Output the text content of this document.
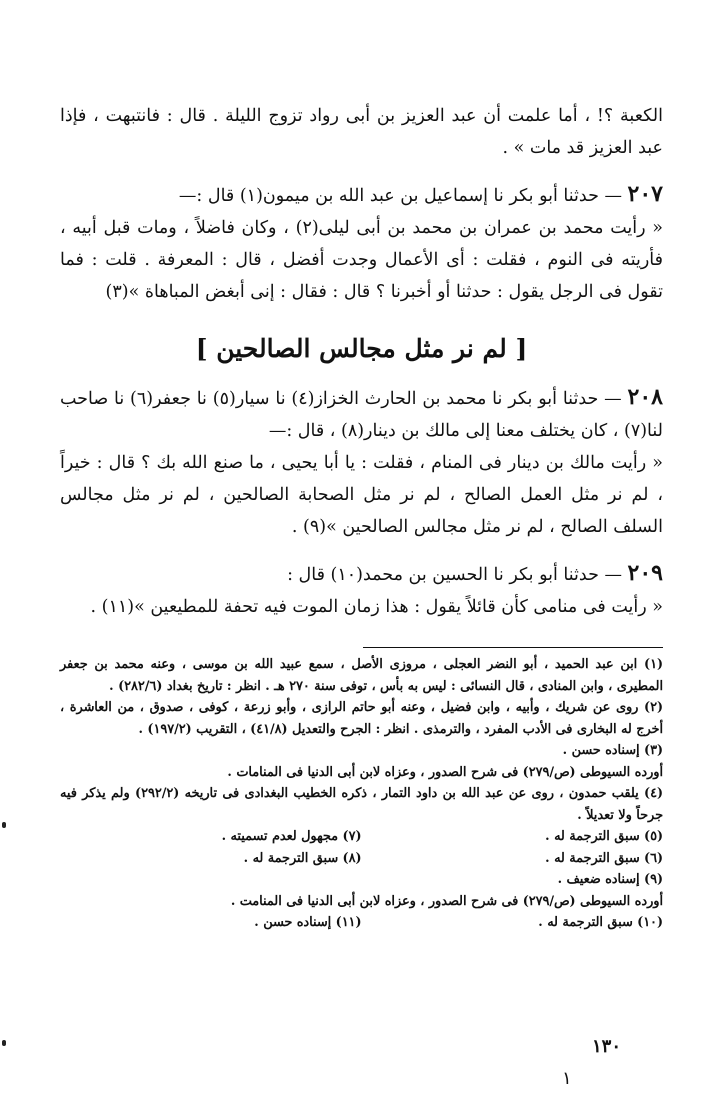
الكعبة ؟! ، أما علمت أن عبد العزيز بن أبى رواد تزوج الليلة . قال : فانتبهت ، فإذا عبد العزيز قد مات » .

٢٠٧ — حدثنا أبو بكر نا إسماعيل بن عبد الله بن ميمون(١) قال :—

« رأيت محمد بن عمران بن محمد بن أبى ليلى(٢) ، وكان فاضلاً ، ومات قبل أبيه ، فأريته فى النوم ، فقلت : أى الأعمال وجدت أفضل ، قال : المعرفة . قلت : فما تقول فى الرجل يقول : حدثنا أو أخبرنا ؟ قال : فقال : إنى أبغض المباهاة »(٣)

[ لم نر مثل مجالس الصالحين ]

٢٠٨ — حدثنا أبو بكر نا محمد بن الحارث الخزاز(٤) نا سيار(٥) نا جعفر(٦) نا صاحب لنا(٧) ، كان يختلف معنا إلى مالك بن دينار(٨) ، قال :—

« رأيت مالك بن دينار فى المنام ، فقلت : يا أبا يحيى ، ما صنع الله بك ؟ قال : خيراً ، لم نر مثل العمل الصالح ، لم نر مثل الصحابة الصالحين ، لم نر مثل مجالس السلف الصالح ، لم نر مثل مجالس الصالحين »(٩) .

٢٠٩ — حدثنا أبو بكر نا الحسين بن محمد(١٠) قال :

« رأيت فى منامى كأن قائلاً يقول : هذا زمان الموت فيه تحفة للمطيعين »(١١) .

(١) ابن عبد الحميد ، أبو النضر العجلى ، مروزى الأصل ، سمع عبيد الله بن موسى ، وعنه محمد بن جعفر المطيرى ، وابن المنادى ، قال النسائى : ليس به بأس ، توفى سنة ٢٧٠ هـ . انظر : تاريخ بغداد (٢٨٢/٦) .

(٢) روى عن شريك ، وأبيه ، وابن فضيل ، وعنه أبو حاتم الرازى ، وأبو زرعة ، كوفى ، صدوق ، من العاشرة ، أخرج له البخارى فى الأدب المفرد ، والترمذى . انظر : الجرح والتعديل (٤١/٨) ، التقريب (١٩٧/٢) .

(٣) إسناده حسن .

أورده السيوطى (ص/٢٧٩) فى شرح الصدور ، وعزاه لابن أبى الدنيا فى المنامات .

(٤) يلقب حمدون ، روى عن عبد الله بن داود التمار ، ذكره الخطيب البغدادى فى تاريخه (٢٩٢/٢) ولم يذكر فيه جرحاً ولا تعديلاً .

(٥) سبق الترجمة له .
(٧) مجهول لعدم تسميته .

(٦) سبق الترجمة له .
(٨) سبق الترجمة له .

(٩) إسناده ضعيف .

أورده السيوطى (ص/٢٧٩) فى شرح الصدور ، وعزاه لابن أبى الدنيا فى المنامت .

(١٠) سبق الترجمة له .
(١١) إسناده حسن .

١٣٠
١
